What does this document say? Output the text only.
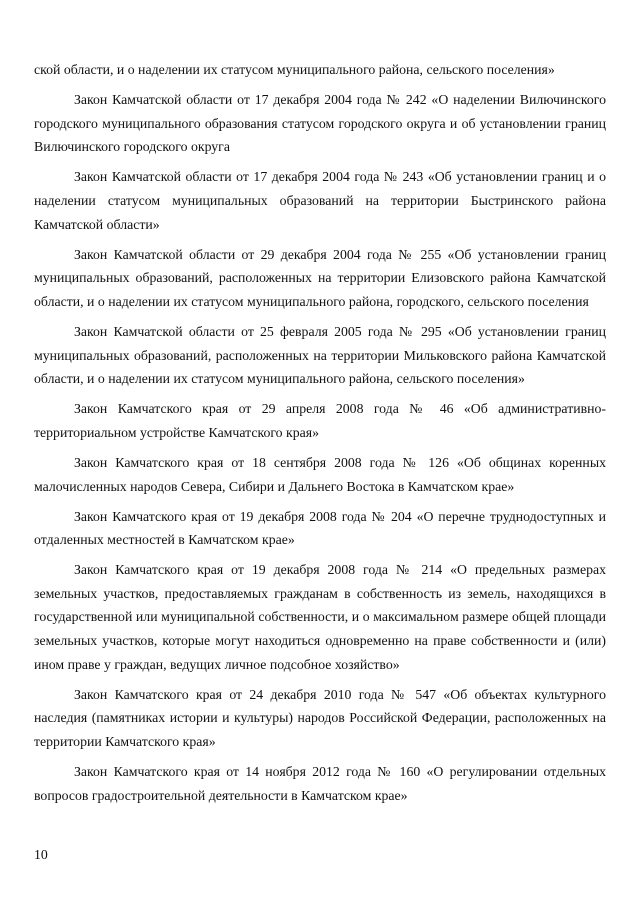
ской области, и о наделении их статусом муниципального района, сельского поселения»

Закон Камчатской области от 17 декабря 2004 года № 242 «О наделении Вилючинского городского муниципального образования статусом городского округа и об установлении границ Вилючинского городского округа

Закон Камчатской области от 17 декабря 2004 года № 243 «Об установлении границ и о наделении статусом муниципальных образований на территории Быстринского района Камчатской области»

Закон Камчатской области от 29 декабря 2004 года № 255 «Об установлении границ муниципальных образований, расположенных на территории Елизовского района Камчатской области, и о наделении их статусом муниципального района, городского, сельского поселения

Закон Камчатской области от 25 февраля 2005 года № 295 «Об установлении границ муниципальных образований, расположенных на территории Мильковского района Камчатской области, и о наделении их статусом муниципального района, сельского поселения»

Закон Камчатского края от 29 апреля 2008 года № 46 «Об административно-территориальном устройстве Камчатского края»

Закон Камчатского края от 18 сентября 2008 года № 126 «Об общинах коренных малочисленных народов Севера, Сибири и Дальнего Востока в Камчатском крае»

Закон Камчатского края от 19 декабря 2008 года № 204 «О перечне труднодоступных и отдаленных местностей в Камчатском крае»

Закон Камчатского края от 19 декабря 2008 года № 214 «О предельных размерах земельных участков, предоставляемых гражданам в собственность из земель, находящихся в государственной или муниципальной собственности, и о максимальном размере общей площади земельных участков, которые могут находиться одновременно на праве собственности и (или) ином праве у граждан, ведущих личное подсобное хозяйство»

Закон Камчатского края от 24 декабря 2010 года № 547 «Об объектах культурного наследия (памятниках истории и культуры) народов Российской Федерации, расположенных на территории Камчатского края»

Закон Камчатского края от 14 ноября 2012 года № 160 «О регулировании отдельных вопросов градостроительной деятельности в Камчатском крае»

10
